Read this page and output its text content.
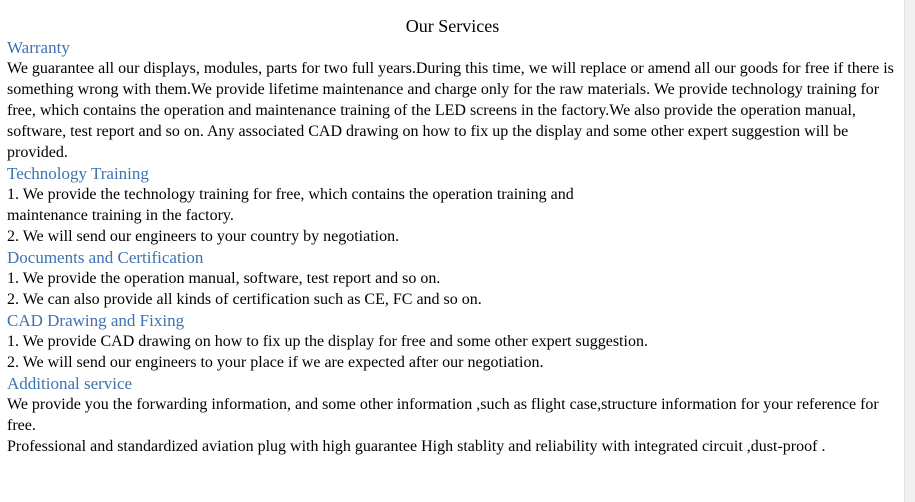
Our Services
Warranty

We guarantee all our displays, modules, parts for two full years.During this time, we will replace or amend all our goods for free if there is something wrong with them.We provide lifetime maintenance and charge only for the raw materials. We provide technology training for free, which contains the operation and maintenance training of the LED screens in the factory.We also provide the operation manual, software, test report and so on. Any associated CAD drawing on how to fix up the display and some other expert suggestion will be provided.

Technology Training

1. We provide the technology training for free, which contains the operation training and

maintenance training in the factory.

2. We will send our engineers to your country by negotiation.

Documents and Certification

1. We provide the operation manual, software, test report and so on.

2. We can also provide all kinds of certification such as CE, FC and so on.

CAD Drawing and Fixing

1. We provide CAD drawing on how to fix up the display for free and some other expert suggestion.

2. We will send our engineers to your place if we are expected after our negotiation.

Additional service

We provide you the forwarding information, and some other information ,such as flight case,structure information for your reference for free.

Professional and standardized aviation plug with high guarantee High stablity and reliability with integrated circuit ,dust-proof .
